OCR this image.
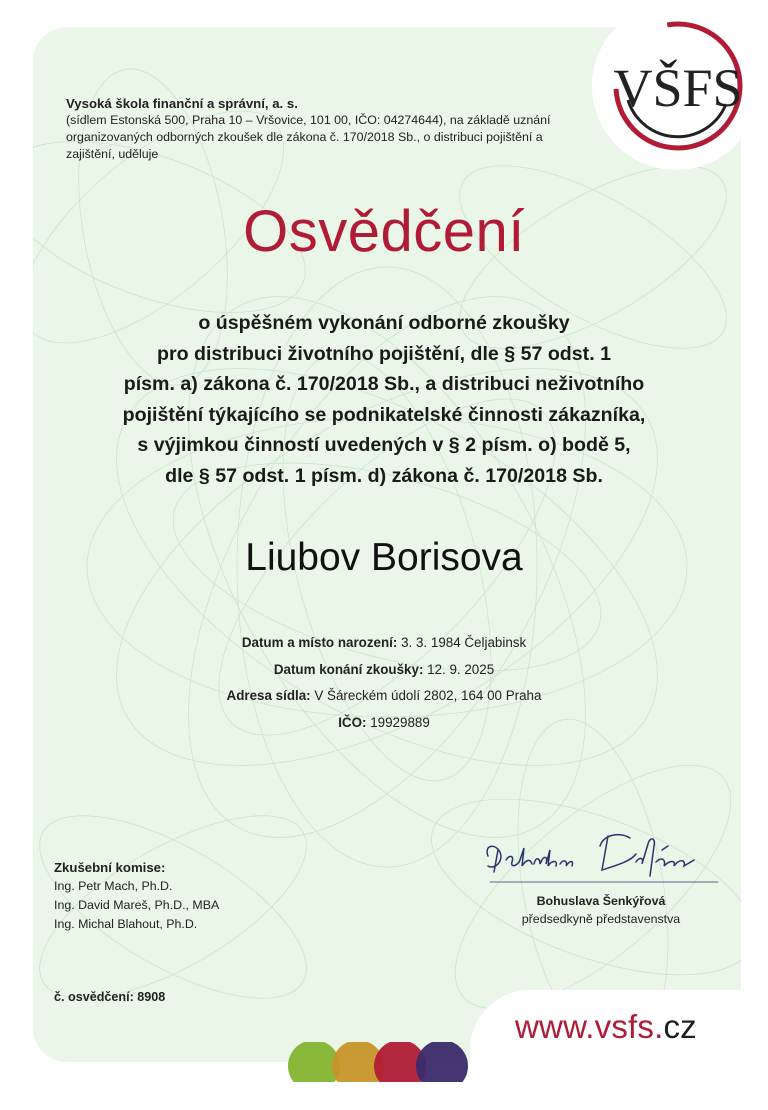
VŠFS
Vysoká škola finanční a správní, a. s.
(sídlem Estonská 500, Praha 10 – Vršovice, 101 00, IČO: 04274644), na základě uznání organizovaných odborných zkoušek dle zákona č. 170/2018 Sb., o distribuci pojištění a zajištění, uděluje
Osvědčení
o úspěšném vykonání odborné zkoušky
pro distribuci životního pojištění, dle § 57 odst. 1
písm. a) zákona č. 170/2018 Sb., a distribuci neživotního
pojištění týkajícího se podnikatelské činnosti zákazníka,
s výjimkou činností uvedených v § 2 písm. o) bodě 5,
dle § 57 odst. 1 písm. d) zákona č. 170/2018 Sb.
Liubov Borisova
Datum a místo narození: 3. 3. 1984 Čeljabinsk
Datum konání zkoušky: 12. 9. 2025
Adresa sídla: V Šáreckém údolí 2802, 164 00 Praha
IČO: 19929889
Zkušební komise:
Ing. Petr Mach, Ph.D.
Ing. David Mareš, Ph.D., MBA
Ing. Michal Blahout, Ph.D.
Bohuslava Šenkýřová
předsedkyně představenstva
č. osvědčení: 8908
www.vsfs.cz
